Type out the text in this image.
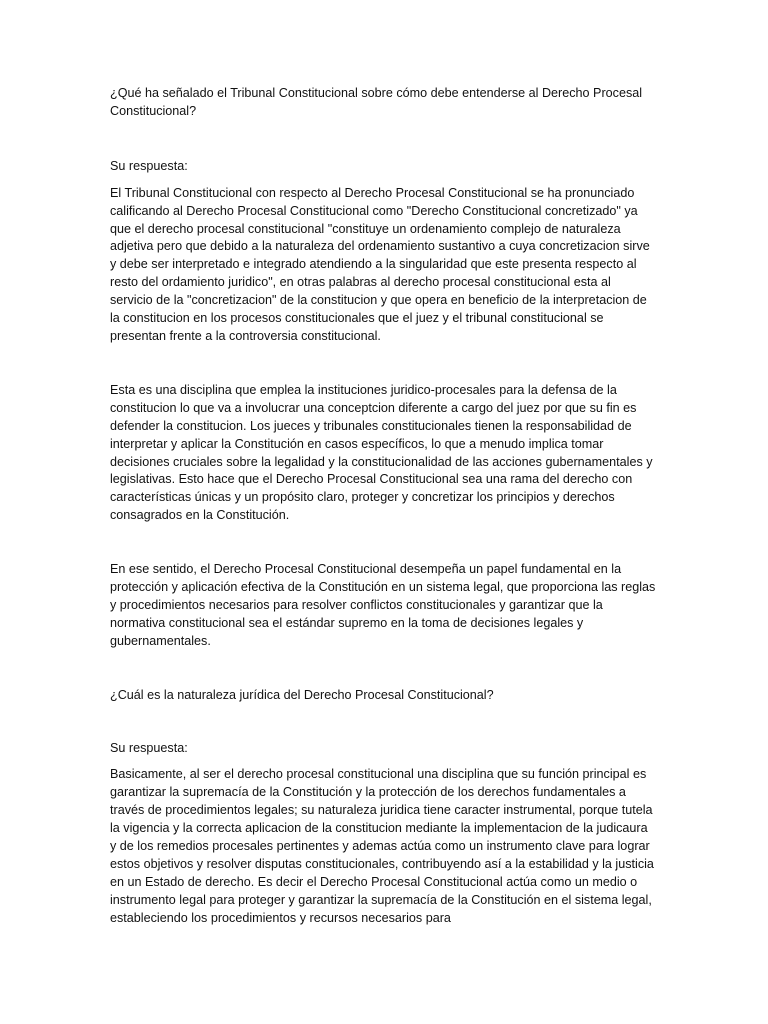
¿Qué ha señalado el Tribunal Constitucional sobre cómo debe entenderse al Derecho Procesal Constitucional?

Su respuesta:

El Tribunal Constitucional con respecto al Derecho Procesal Constitucional se ha pronunciado calificando al Derecho Procesal Constitucional como "Derecho Constitucional concretizado" ya que el derecho procesal constitucional "constituye un ordenamiento complejo de naturaleza adjetiva pero que debido a la naturaleza del ordenamiento sustantivo a cuya concretizacion sirve y debe ser interpretado e integrado atendiendo a la singularidad que este presenta respecto al resto del ordamiento juridico", en otras palabras al derecho procesal constitucional esta al servicio de la "concretizacion" de la constitucion y que opera en beneficio de la interpretacion de la constitucion en los procesos constitucionales que el juez y el tribunal constitucional se presentan frente a la controversia constitucional.

Esta es una disciplina que emplea la instituciones juridico-procesales para la defensa de la constitucion lo que va a involucrar una conceptcion diferente a cargo del juez por que su fin es defender la constitucion. Los jueces y tribunales constitucionales tienen la responsabilidad de interpretar y aplicar la Constitución en casos específicos, lo que a menudo implica tomar decisiones cruciales sobre la legalidad y la constitucionalidad de las acciones gubernamentales y legislativas. Esto hace que el Derecho Procesal Constitucional sea una rama del derecho con características únicas y un propósito claro, proteger y concretizar los principios y derechos consagrados en la Constitución.

En ese sentido, el Derecho Procesal Constitucional desempeña un papel fundamental en la protección y aplicación efectiva de la Constitución en un sistema legal, que proporciona las reglas y procedimientos necesarios para resolver conflictos constitucionales y garantizar que la normativa constitucional sea el estándar supremo en la toma de decisiones legales y gubernamentales.

¿Cuál es la naturaleza jurídica del Derecho Procesal Constitucional?

Su respuesta:

Basicamente, al ser el derecho procesal constitucional una disciplina que su función principal es garantizar la supremacía de la Constitución y la protección de los derechos fundamentales a través de procedimientos legales; su naturaleza juridica tiene caracter instrumental, porque tutela la vigencia y la correcta aplicacion de la constitucion mediante la implementacion de la judicaura y de los remedios procesales pertinentes y ademas actúa como un instrumento clave para lograr estos objetivos y resolver disputas constitucionales, contribuyendo así a la estabilidad y la justicia en un Estado de derecho. Es decir el Derecho Procesal Constitucional actúa como un medio o instrumento legal para proteger y garantizar la supremacía de la Constitución en el sistema legal, estableciendo los procedimientos y recursos necesarios para
